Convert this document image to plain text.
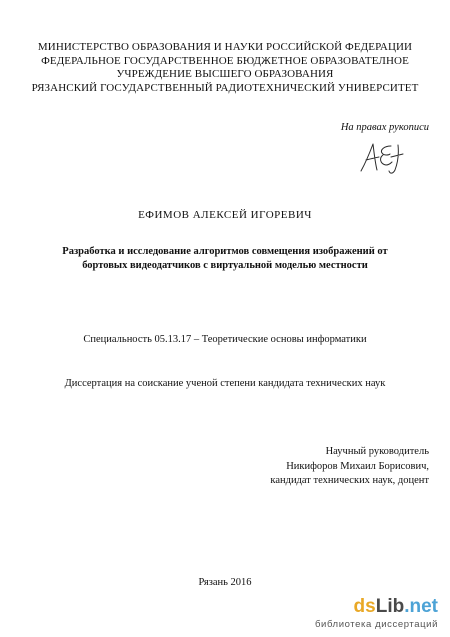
МИНИСТЕРСТВО ОБРАЗОВАНИЯ И НАУКИ РОССИЙСКОЙ ФЕДЕРАЦИИ
ФЕДЕРАЛЬНОЕ ГОСУДАРСТВЕННОЕ БЮДЖЕТНОЕ ОБРАЗОВАТЕЛНОЕ
УЧРЕЖДЕНИЕ ВЫСШЕГО ОБРАЗОВАНИЯ
РЯЗАНСКИЙ ГОСУДАРСТВЕННЫЙ РАДИОТЕХНИЧЕСКИЙ УНИВЕРСИТЕТ
На правах рукописи
ЕФИМОВ АЛЕКСЕЙ ИГОРЕВИЧ
Разработка и исследование алгоритмов совмещения изображений от
бортовых видеодатчиков с виртуальной моделью местности
Специальность 05.13.17 – Теоретические основы информатики
Диссертация на соискание ученой степени кандидата технических наук
Научный руководитель
Никифоров Михаил Борисович,
кандидат технических наук, доцент
Рязань 2016
dsLib.net
библиотека диссертаций
